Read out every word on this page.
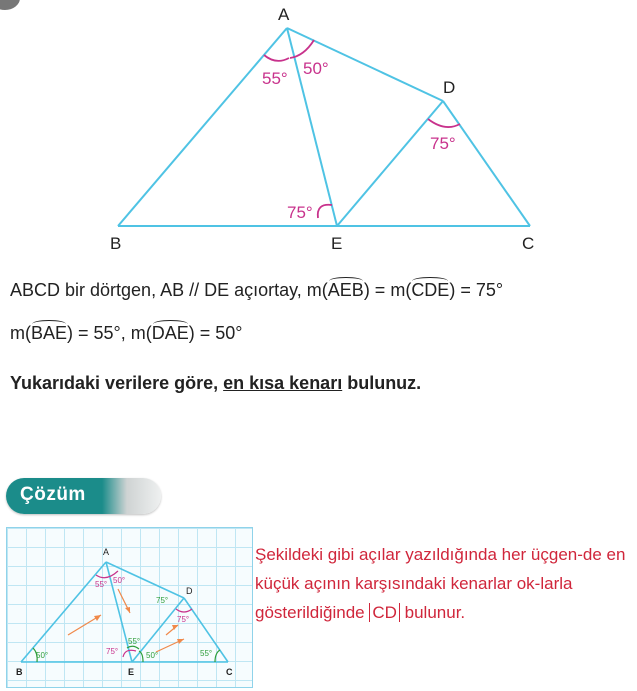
A
D
B	E	C
55°
50°
75°
75°
ABCD bir dörtgen, AB // DE açıortay, m(AEB) = m(CDE) = 75°
m(BAE) = 55°, m(DAE) = 50°
Yukarıdaki verilere göre, en kısa kenarı bulunuz.
Çözüm
A
D
B	E	C
55° 50°
75°
75°
75°
55°
50°
50°	55°
Şekildeki gibi açılar yazıldığında her üçgen-de en küçük açının karşısındaki kenarlar ok-larla gösterildiğinde CD bulunur.
